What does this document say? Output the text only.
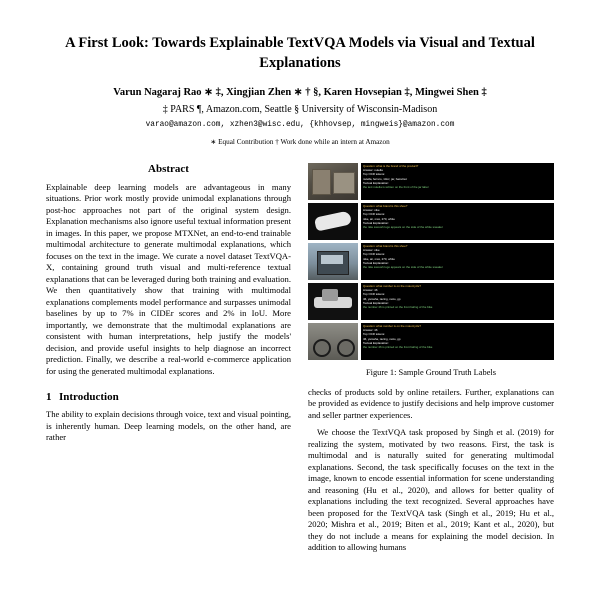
A First Look: Towards Explainable TextVQA Models via Visual and Textual Explanations
Varun Nagaraj Rao ∗ ‡, Xingjian Zhen ∗ † §, Karen Hovsepian ‡, Mingwei Shen ‡
‡ PARS ¶, Amazon.com, Seattle § University of Wisconsin-Madison
varao@amazon.com, xzhen3@wisc.edu, {khhovsep, mingweis}@amazon.com
∗ Equal Contribution † Work done while an intern at Amazon
Abstract

Explainable deep learning models are advantageous in many situations. Prior work mostly provide unimodal explanations through post-hoc approaches not part of the original system design. Explanation mechanisms also ignore useful textual information present in images. In this paper, we propose MTXNet, an end-to-end trainable multimodal architecture to generate multimodal explanations, which focuses on the text in the image. We curate a novel dataset TextVQA-X, containing ground truth visual and multi-reference textual explanations that can be leveraged during both training and evaluation. We then quantitatively show that training with multimodal explanations complements model performance and surpasses unimodal baselines by up to 7% in CIDEr scores and 2% in IoU. More importantly, we demonstrate that the multimodal explanations are consistent with human interpretations, help justify the models' decision, and provide useful insights to help diagnose an incorrect prediction. Finally, we describe a real-world e-commerce application for using the generated multimodal explanations.

1 Introduction

The ability to explain decisions through voice, text and visual pointing, is inherently human. Deep learning models, on the other hand, are rather

Question: what is the brand of the product?
Answer: nutella
Top OCR tokens:
nutella, ferrero, 13oz, jar, hazelnut
Textual Explanation:
the text nutella is written on the front of the jar label
Question: what brand is this shoe?
Answer: nike
Top OCR tokens:
nike, air, max, 270, white
Textual Explanation:
the nike swoosh logo appears on the side of the white sneaker
Question: what brand is this shoe?
Answer: nike
Top OCR tokens:
nike, air, max, 270, white
Textual Explanation:
the nike swoosh logo appears on the side of the white sneaker
Question: what number is on the motorcycle?
Answer: 46
Top OCR tokens:
46, yamaha, racing, moto, gp
Textual Explanation:
the number 46 is printed on the front fairing of the bike
Question: what number is on the motorcycle?
Answer: 46
Top OCR tokens:
46, yamaha, racing, moto, gp
Textual Explanation:
the number 46 is printed on the front fairing of the bike
Figure 1: Sample Ground Truth Labels

checks of products sold by online retailers. Further, explanations can be provided as evidence to justify decisions and help improve customer and seller partner experiences.

We choose the TextVQA task proposed by Singh et al. (2019) for realizing the system, motivated by two reasons. First, the task is multimodal and is naturally suited for generating multimodal explanations. Second, the task specifically focuses on the text in the image, known to encode essential information for scene understanding and reasoning (Hu et al., 2020), and allows for better quality of explanations including the text recognized. Several approaches have been proposed for the TextVQA task (Singh et al., 2019; Hu et al., 2020; Mishra et al., 2019; Biten et al., 2019; Kant et al., 2020), but they do not include a means for explaining the model decision. In addition to allowing humans
